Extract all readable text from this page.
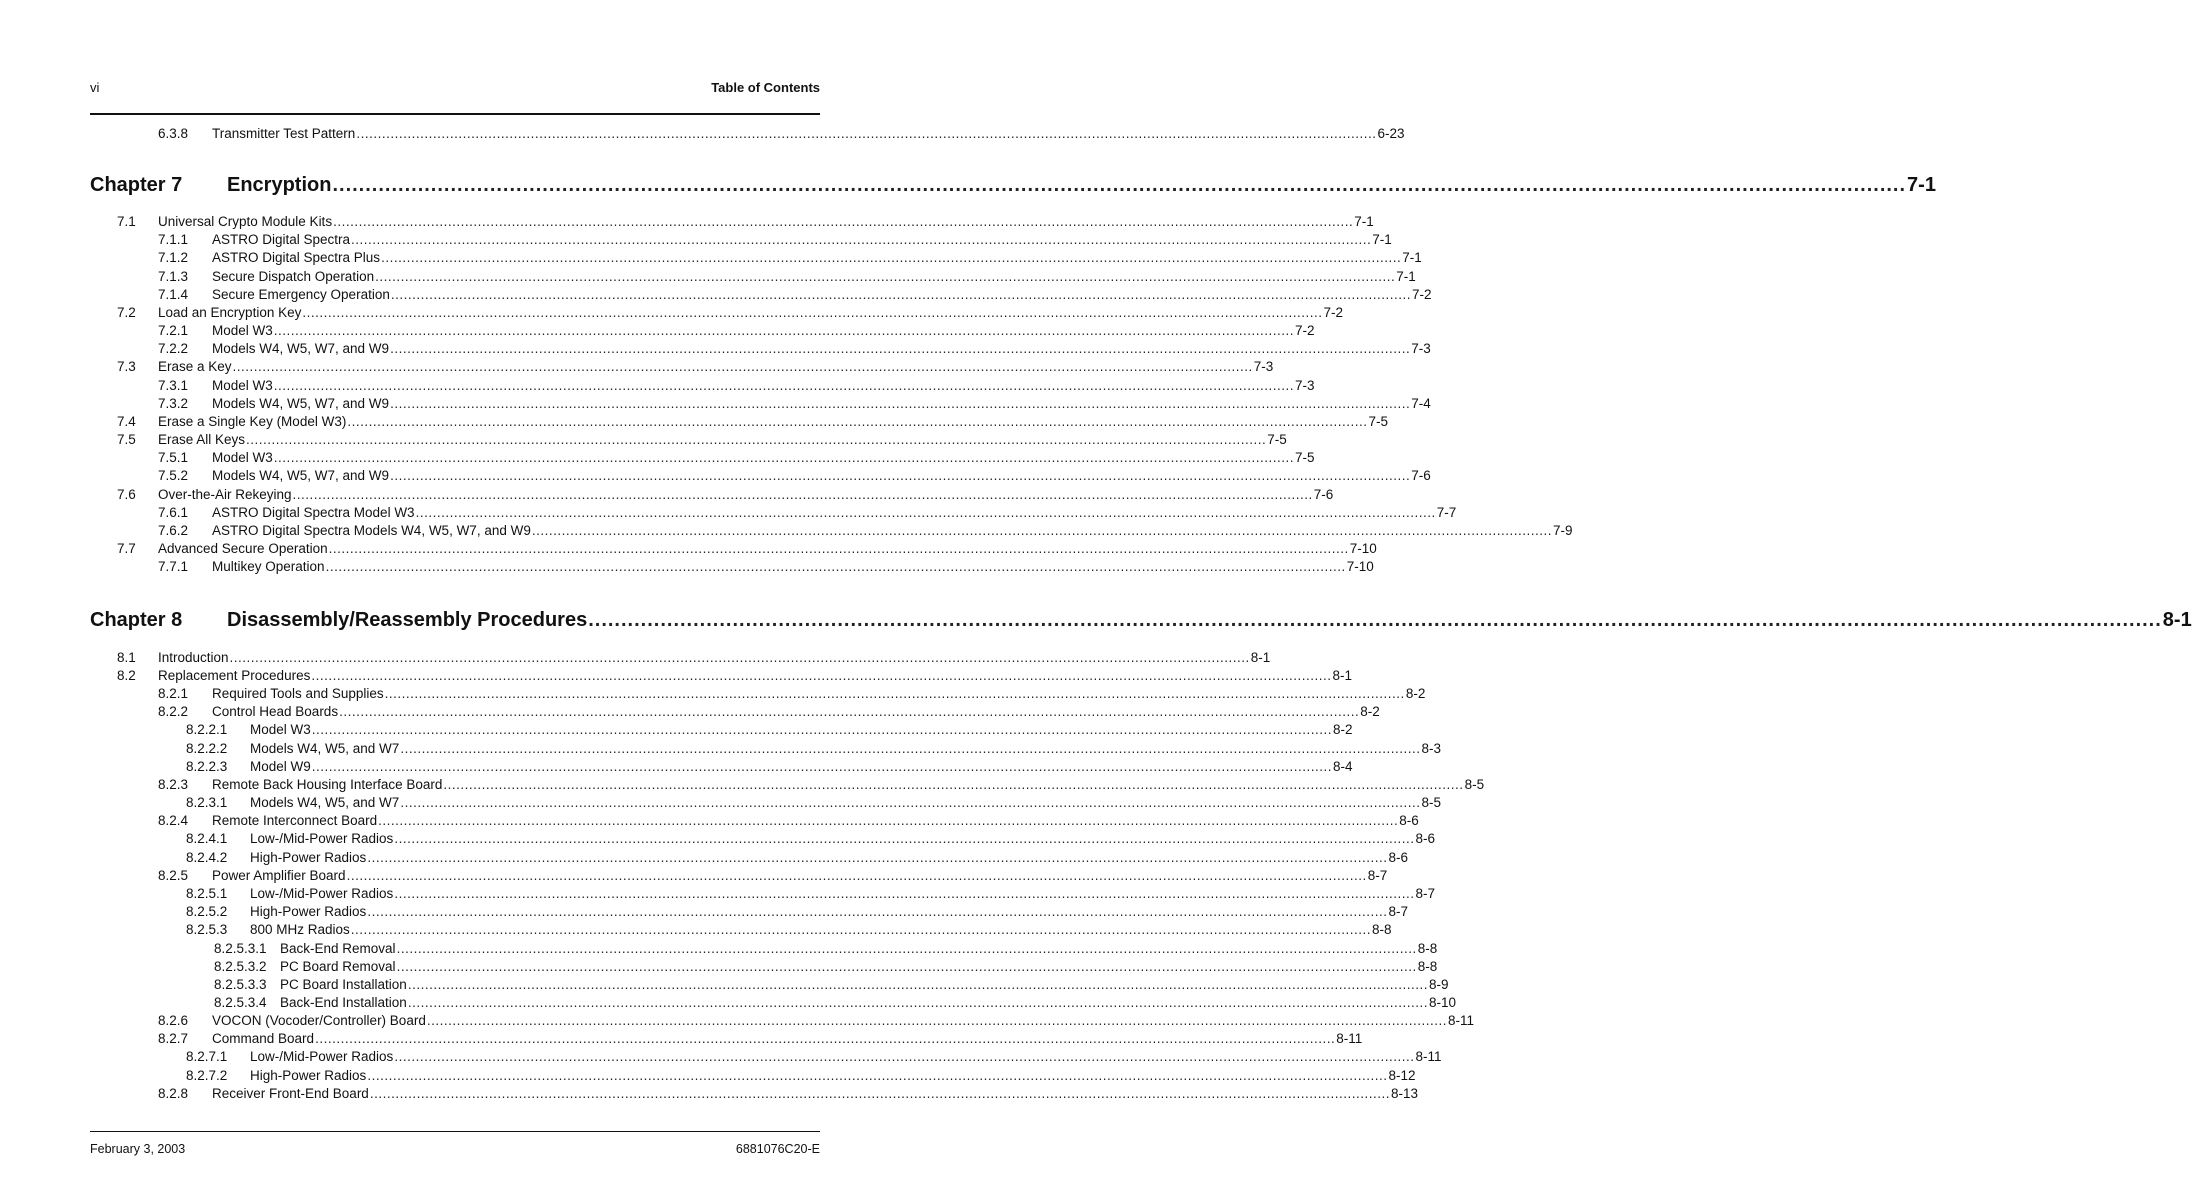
vi	Table of Contents
6.3.8 Transmitter Test Pattern ................................................................................................................................................................................................................................................ 6-23
Chapter 7 Encryption ................................................................................................................................................................................................................................................ 7-1
7.1 Universal Crypto Module Kits ................................................................................................................................................................................................................................................ 7-1
7.1.1 ASTRO Digital Spectra ................................................................................................................................................................................................................................................ 7-1
7.1.2 ASTRO Digital Spectra Plus ................................................................................................................................................................................................................................................ 7-1
7.1.3 Secure Dispatch Operation ................................................................................................................................................................................................................................................ 7-1
7.1.4 Secure Emergency Operation ................................................................................................................................................................................................................................................ 7-2
7.2 Load an Encryption Key ................................................................................................................................................................................................................................................ 7-2
7.2.1 Model W3 ................................................................................................................................................................................................................................................ 7-2
7.2.2 Models W4, W5, W7, and W9 ................................................................................................................................................................................................................................................ 7-3
7.3 Erase a Key ................................................................................................................................................................................................................................................ 7-3
7.3.1 Model W3 ................................................................................................................................................................................................................................................ 7-3
7.3.2 Models W4, W5, W7, and W9 ................................................................................................................................................................................................................................................ 7-4
7.4 Erase a Single Key (Model W3) ................................................................................................................................................................................................................................................ 7-5
7.5 Erase All Keys ................................................................................................................................................................................................................................................ 7-5
7.5.1 Model W3 ................................................................................................................................................................................................................................................ 7-5
7.5.2 Models W4, W5, W7, and W9 ................................................................................................................................................................................................................................................ 7-6
7.6 Over-the-Air Rekeying ................................................................................................................................................................................................................................................ 7-6
7.6.1 ASTRO Digital Spectra Model W3 ................................................................................................................................................................................................................................................ 7-7
7.6.2 ASTRO Digital Spectra Models W4, W5, W7, and W9 ................................................................................................................................................................................................................................................ 7-9
7.7 Advanced Secure Operation ................................................................................................................................................................................................................................................ 7-10
7.7.1 Multikey Operation ................................................................................................................................................................................................................................................ 7-10
Chapter 8 Disassembly/Reassembly Procedures ................................................................................................................................................................................................................................................ 8-1
8.1 Introduction ................................................................................................................................................................................................................................................ 8-1
8.2 Replacement Procedures ................................................................................................................................................................................................................................................ 8-1
8.2.1 Required Tools and Supplies ................................................................................................................................................................................................................................................ 8-2
8.2.2 Control Head Boards ................................................................................................................................................................................................................................................ 8-2
8.2.2.1 Model W3 ................................................................................................................................................................................................................................................ 8-2
8.2.2.2 Models W4, W5, and W7 ................................................................................................................................................................................................................................................ 8-3
8.2.2.3 Model W9 ................................................................................................................................................................................................................................................ 8-4
8.2.3 Remote Back Housing Interface Board ................................................................................................................................................................................................................................................ 8-5
8.2.3.1 Models W4, W5, and W7 ................................................................................................................................................................................................................................................ 8-5
8.2.4 Remote Interconnect Board ................................................................................................................................................................................................................................................ 8-6
8.2.4.1 Low-/Mid-Power Radios ................................................................................................................................................................................................................................................ 8-6
8.2.4.2 High-Power Radios ................................................................................................................................................................................................................................................ 8-6
8.2.5 Power Amplifier Board ................................................................................................................................................................................................................................................ 8-7
8.2.5.1 Low-/Mid-Power Radios ................................................................................................................................................................................................................................................ 8-7
8.2.5.2 High-Power Radios ................................................................................................................................................................................................................................................ 8-7
8.2.5.3 800 MHz Radios ................................................................................................................................................................................................................................................ 8-8
8.2.5.3.1 Back-End Removal ................................................................................................................................................................................................................................................ 8-8
8.2.5.3.2 PC Board Removal ................................................................................................................................................................................................................................................ 8-8
8.2.5.3.3 PC Board Installation ................................................................................................................................................................................................................................................ 8-9
8.2.5.3.4 Back-End Installation ................................................................................................................................................................................................................................................ 8-10
8.2.6 VOCON (Vocoder/Controller) Board ................................................................................................................................................................................................................................................ 8-11
8.2.7 Command Board ................................................................................................................................................................................................................................................ 8-11
8.2.7.1 Low-/Mid-Power Radios ................................................................................................................................................................................................................................................ 8-11
8.2.7.2 High-Power Radios ................................................................................................................................................................................................................................................ 8-12
8.2.8 Receiver Front-End Board ................................................................................................................................................................................................................................................ 8-13
February 3, 2003	6881076C20-E
